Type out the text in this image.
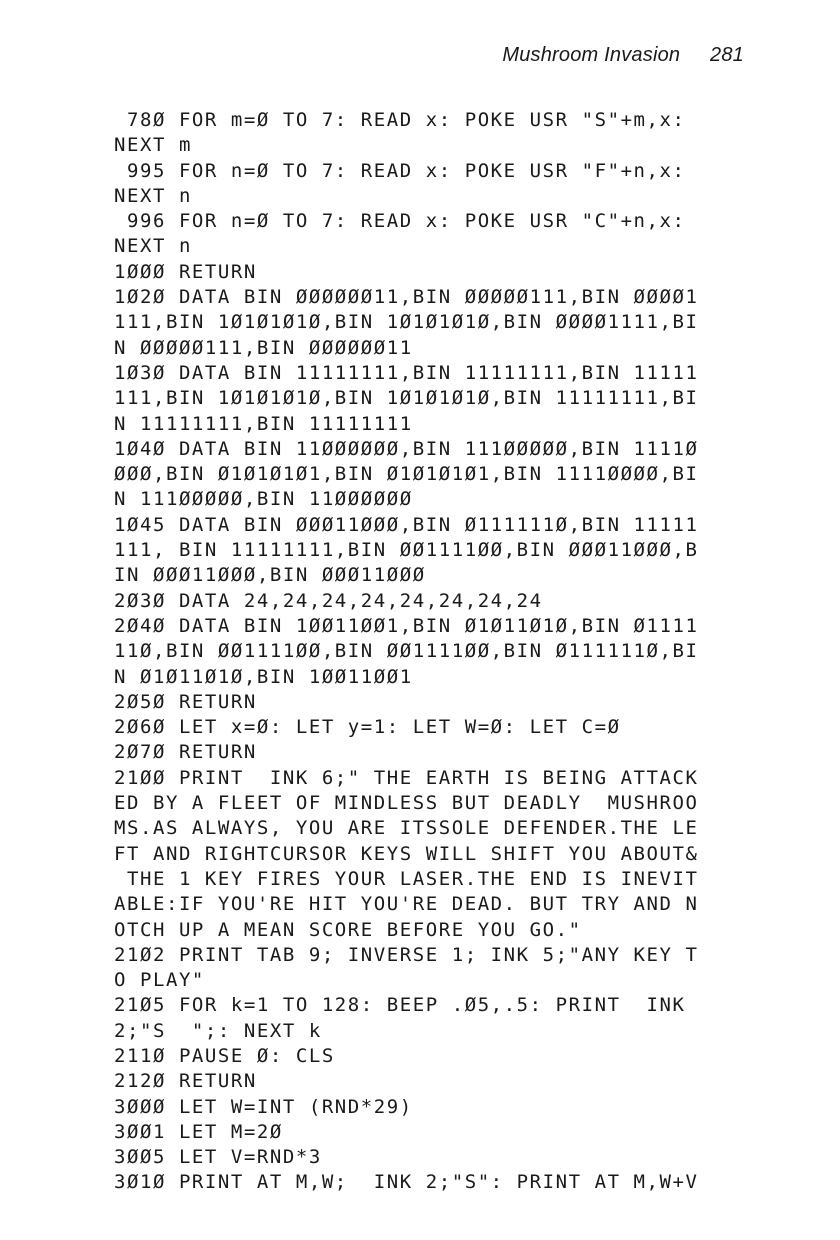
Mushroom Invasion 281
78Ø FOR m=Ø TO 7: READ x: POKE USR "S"+m,x:
NEXT m
995 FOR n=Ø TO 7: READ x: POKE USR "F"+n,x:
NEXT n
996 FOR n=Ø TO 7: READ x: POKE USR "C"+n,x:
NEXT n
1ØØØ RETURN
1Ø2Ø DATA BIN ØØØØØØ11,BIN ØØØØØ111,BIN ØØØØ1
111,BIN 1Ø1Ø1Ø1Ø,BIN 1Ø1Ø1Ø1Ø,BIN ØØØØ1111,BI
N ØØØØØ111,BIN ØØØØØØ11
1Ø3Ø DATA BIN 11111111,BIN 11111111,BIN 11111
111,BIN 1Ø1Ø1Ø1Ø,BIN 1Ø1Ø1Ø1Ø,BIN 11111111,BI
N 11111111,BIN 11111111
1Ø4Ø DATA BIN 11ØØØØØØ,BIN 111ØØØØØ,BIN 1111Ø
ØØØ,BIN Ø1Ø1Ø1Ø1,BIN Ø1Ø1Ø1Ø1,BIN 1111ØØØØ,BI
N 111ØØØØØ,BIN 11ØØØØØØ
1Ø45 DATA BIN ØØØ11ØØØ,BIN Ø111111Ø,BIN 11111
111, BIN 11111111,BIN ØØ1111ØØ,BIN ØØØ11ØØØ,B
IN ØØØ11ØØØ,BIN ØØØ11ØØØ
2Ø3Ø DATA 24,24,24,24,24,24,24,24
2Ø4Ø DATA BIN 1ØØ11ØØ1,BIN Ø1Ø11Ø1Ø,BIN Ø1111
11Ø,BIN ØØ1111ØØ,BIN ØØ1111ØØ,BIN Ø111111Ø,BI
N Ø1Ø11Ø1Ø,BIN 1ØØ11ØØ1
2Ø5Ø RETURN
2Ø6Ø LET x=Ø: LET y=1: LET W=Ø: LET C=Ø
2Ø7Ø RETURN
21ØØ PRINT  INK 6;" THE EARTH IS BEING ATTACK
ED BY A FLEET OF MINDLESS BUT DEADLY  MUSHROO
MS.AS ALWAYS, YOU ARE ITSSOLE DEFENDER.THE LE
FT AND RIGHTCURSOR KEYS WILL SHIFT YOU ABOUT&
THE 1 KEY FIRES YOUR LASER.THE END IS INEVIT
ABLE:IF YOU'RE HIT YOU'RE DEAD. BUT TRY AND N
OTCH UP A MEAN SCORE BEFORE YOU GO."
21Ø2 PRINT TAB 9; INVERSE 1; INK 5;"ANY KEY T
O PLAY"
21Ø5 FOR k=1 TO 128: BEEP .Ø5,.5: PRINT  INK
2;"S  ";: NEXT k
211Ø PAUSE Ø: CLS
212Ø RETURN
3ØØØ LET W=INT (RND*29)
3ØØ1 LET M=2Ø
3ØØ5 LET V=RND*3
3Ø1Ø PRINT AT M,W;  INK 2;"S": PRINT AT M,W+V
